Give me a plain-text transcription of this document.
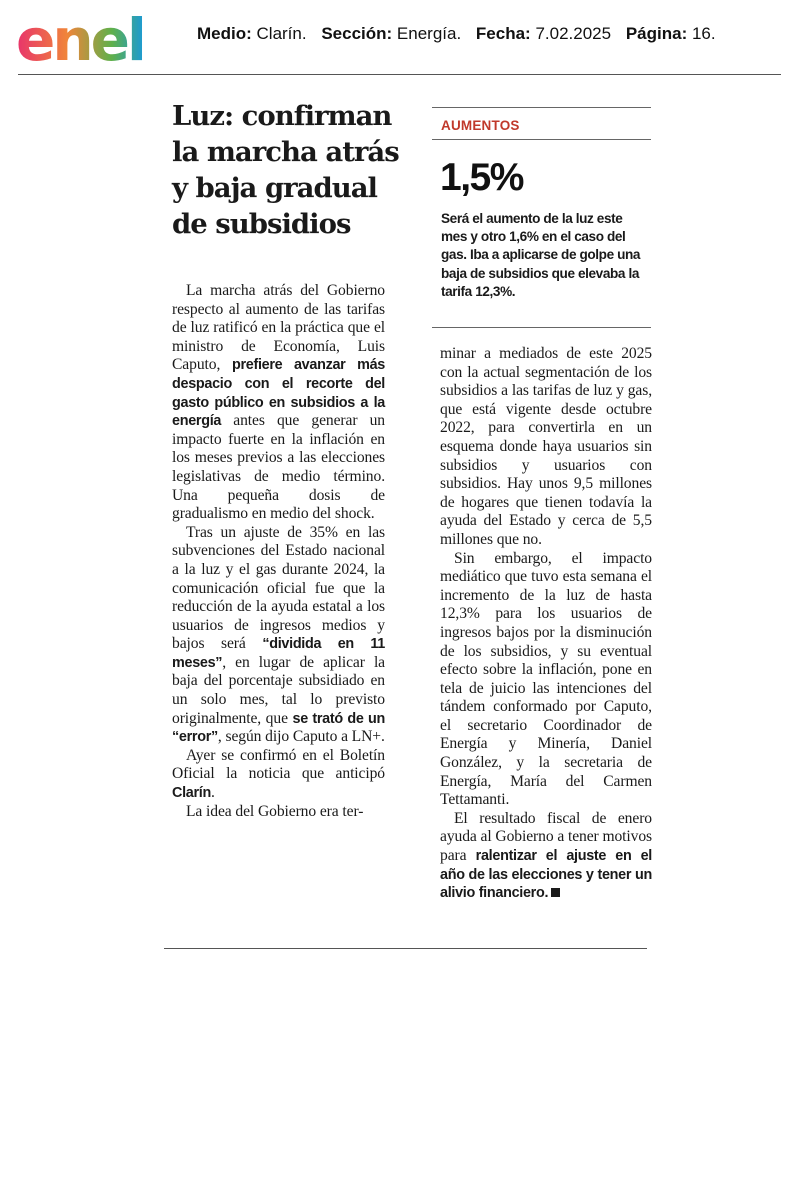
enel	Medio: Clarín. Sección: Energía. Fecha: 7.02.2025 Página: 16.
Luz: confirman
la marcha atrás
y baja gradual
de subsidios

La marcha atrás del Gobierno respecto al aumento de las tarifas de luz ratificó en la práctica que el ministro de Economía, Luis Caputo, prefiere avanzar más despacio con el recorte del gasto público en subsidios a la energía antes que generar un impacto fuerte en la inflación en los meses previos a las elecciones legislativas de medio término. Una pequeña dosis de gradualismo en medio del shock.

Tras un ajuste de 35% en las subvenciones del Estado nacional a la luz y el gas durante 2024, la comunicación oficial fue que la reducción de la ayuda estatal a los usuarios de ingresos medios y bajos será “dividida en 11 meses”, en lugar de aplicar la baja del porcentaje subsidiado en un solo mes, tal lo previsto originalmente, que se trató de un “error”, según dijo Caputo a LN+.

Ayer se confirmó en el Boletín Oficial la noticia que anticipó Clarín.

La idea del Gobierno era ter-

AUMENTOS
1,5%
Será el aumento de la luz este mes y otro 1,6% en el caso del gas. Iba a aplicarse de golpe una baja de subsidios que elevaba la tarifa 12,3%.

minar a mediados de este 2025 con la actual segmentación de los subsidios a las tarifas de luz y gas, que está vigente desde octubre 2022, para convertirla en un esquema donde haya usuarios sin subsidios y usuarios con subsidios. Hay unos 9,5 millones de hogares que tienen todavía la ayuda del Estado y cerca de 5,5 millones que no.

Sin embargo, el impacto mediático que tuvo esta semana el incremento de la luz de hasta 12,3% para los usuarios de ingresos bajos por la disminución de los subsidios, y su eventual efecto sobre la inflación, pone en tela de juicio las intenciones del tándem conformado por Caputo, el secretario Coordinador de Energía y Minería, Daniel González, y la secretaria de Energía, María del Carmen Tettamanti.

El resultado fiscal de enero ayuda al Gobierno a tener motivos para ralentizar el ajuste en el año de las elecciones y tener un alivio financiero.
